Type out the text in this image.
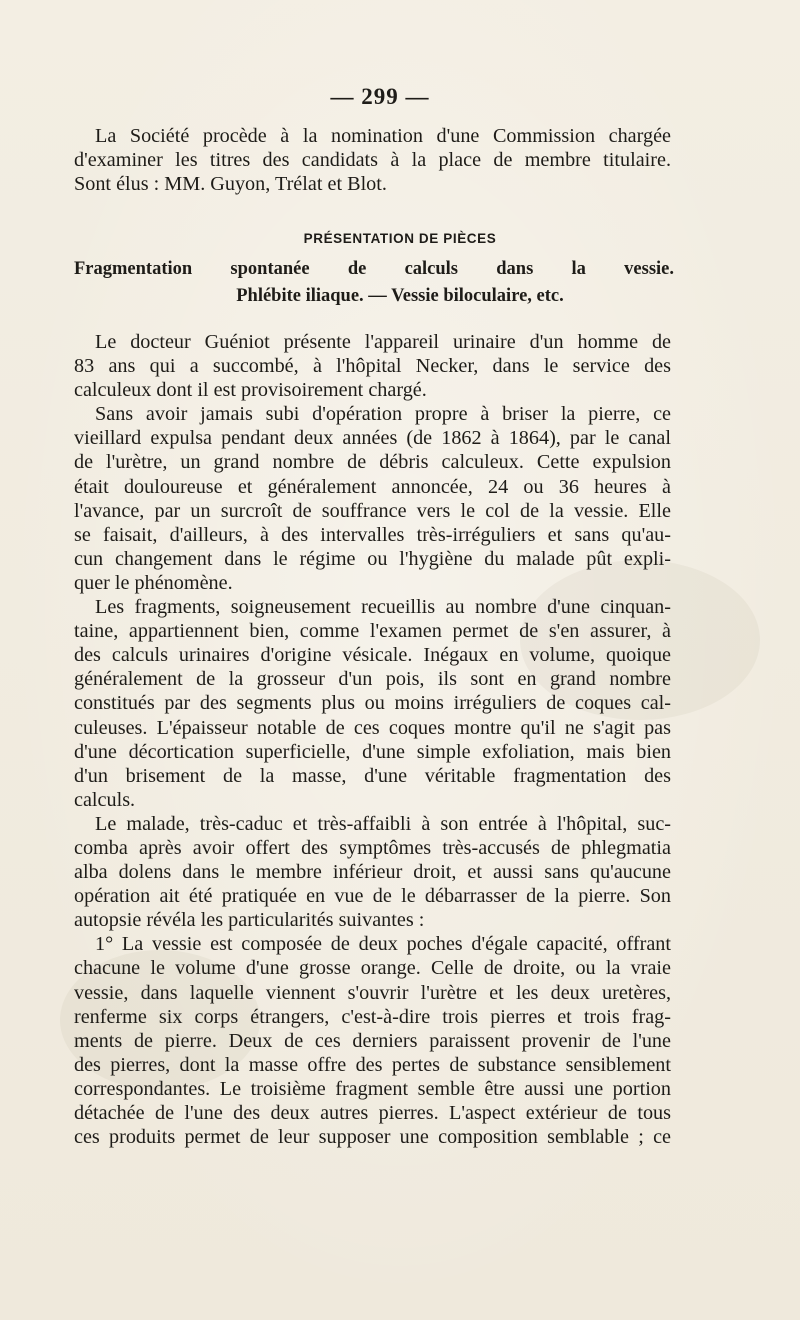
— 299 —
La Société procède à la nomination d'une Commission chargée
d'examiner les titres des candidats à la place de membre titulaire.
Sont élus : MM. Guyon, Trélat et Blot.
PRÉSENTATION DE PIÈCES
Fragmentation spontanée de calculs dans la vessie.
Phlébite iliaque. — Vessie biloculaire, etc.
Le docteur Guéniot présente l'appareil urinaire d'un homme de
83 ans qui a succombé, à l'hôpital Necker, dans le service des
calculeux dont il est provisoirement chargé.
Sans avoir jamais subi d'opération propre à briser la pierre, ce
vieillard expulsa pendant deux années (de 1862 à 1864), par le canal
de l'urètre, un grand nombre de débris calculeux. Cette expulsion
était douloureuse et généralement annoncée, 24 ou 36 heures à
l'avance, par un surcroît de souffrance vers le col de la vessie. Elle
se faisait, d'ailleurs, à des intervalles très-irréguliers et sans qu'au-
cun changement dans le régime ou l'hygiène du malade pût expli-
quer le phénomène.
Les fragments, soigneusement recueillis au nombre d'une cinquan-
taine, appartiennent bien, comme l'examen permet de s'en assurer, à
des calculs urinaires d'origine vésicale. Inégaux en volume, quoique
généralement de la grosseur d'un pois, ils sont en grand nombre
constitués par des segments plus ou moins irréguliers de coques cal-
culeuses. L'épaisseur notable de ces coques montre qu'il ne s'agit pas
d'une décortication superficielle, d'une simple exfoliation, mais bien
d'un brisement de la masse, d'une véritable fragmentation des
calculs.
Le malade, très-caduc et très-affaibli à son entrée à l'hôpital, suc-
comba après avoir offert des symptômes très-accusés de phlegmatia
alba dolens dans le membre inférieur droit, et aussi sans qu'aucune
opération ait été pratiquée en vue de le débarrasser de la pierre. Son
autopsie révéla les particularités suivantes :
1° La vessie est composée de deux poches d'égale capacité, offrant
chacune le volume d'une grosse orange. Celle de droite, ou la vraie
vessie, dans laquelle viennent s'ouvrir l'urètre et les deux uretères,
renferme six corps étrangers, c'est-à-dire trois pierres et trois frag-
ments de pierre. Deux de ces derniers paraissent provenir de l'une
des pierres, dont la masse offre des pertes de substance sensiblement
correspondantes. Le troisième fragment semble être aussi une portion
détachée de l'une des deux autres pierres. L'aspect extérieur de tous
ces produits permet de leur supposer une composition semblable ; ce
